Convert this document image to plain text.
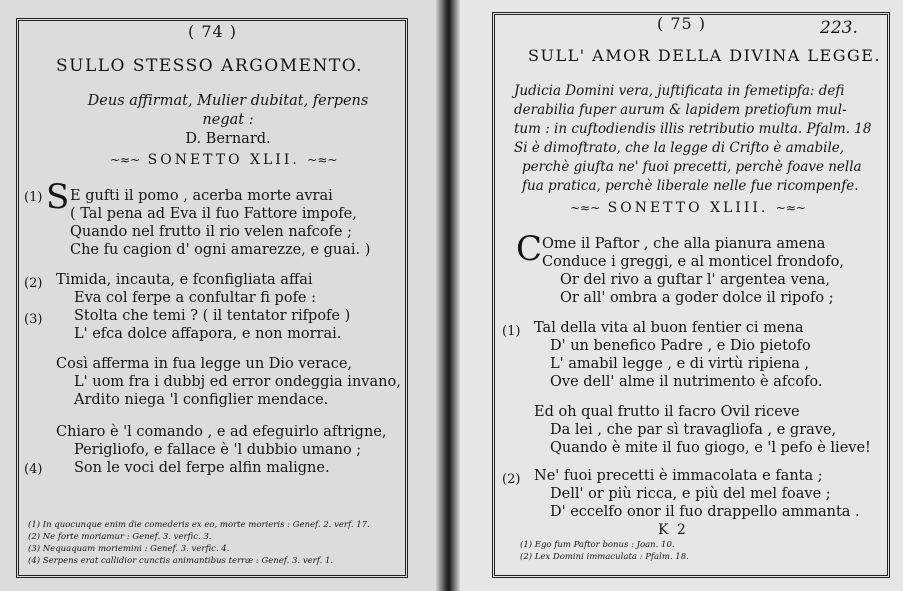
( 74 )
SULLO STESSO ARGOMENTO.
Deus affirmat, Mulier dubitat, ferpens negat :
D. Bernard.
~≈~ SONETTO XLII. ~≈~
(1) S E gufti il pomo , acerba morte avrai
( Tal pena ad Eva il fuo Fattore impofe,
Quando nel frutto il rio velen nafcofe ;
Che fu cagion d' ogni amarezze, e guai. )
(2) Timida, incauta, e fconfigliata affai
Eva col ferpe a confultar fi pofe :
(3) Stolta che temi ? ( il tentator rifpofe )
L' efca dolce affapora, e non morrai.
Così afferma in fua legge un Dio verace,
L' uom fra i dubbj ed error ondeggia invano,
Ardito niega 'l configlier mendace.
Chiaro è 'l comando , e ad efeguirlo aftrigne,
Perigliofo, e fallace è 'l dubbio umano ;
(4) Son le voci del ferpe alfin maligne.
(1) In quocunque enim die comederis ex eo, morte morieris : Genef. 2. verf. 17.
(2) Ne forte moriamur : Genef. 3. verfic. 3.
(3) Nequaquam moriemini : Genef. 3. verfic. 4.
(4) Serpens erat callidior cunctis animantibus terræ : Genef. 3. verf. 1.
( 75 )	223.
SULL' AMOR DELLA DIVINA LEGGE.
Judicia Domini vera, juftificata in femetipfa: defi
derabilia fuper aurum & lapidem pretiofum mul-
tum : in cuftodiendis illis retributio multa. Pfalm. 18
Si è dimoftrato, che la legge di Crifto è amabile,
perchè giufta ne' fuoi precetti, perchè foave nella
fua pratica, perchè liberale nelle fue ricompenfe.
~≈~ SONETTO XLIII. ~≈~
C Ome il Paftor , che alla pianura amena
Conduce i greggi, e al monticel frondofo,
Or del rivo a guftar l' argentea vena,
Or all' ombra a goder dolce il ripofo ;
(1) Tal della vita al buon fentier ci mena
D' un benefico Padre , e Dio pietofo
L' amabil legge , e di virtù ripiena ,
Ove dell' alme il nutrimento è afcofo.
Ed oh qual frutto il facro Ovil riceve
Da lei , che par sì travagliofa , e grave,
Quando è mite il fuo giogo, e 'l pefo è lieve!
(2) Ne' fuoi precetti è immacolata e fanta ;
Dell' or più ricca, e più del mel foave ;
D' eccelfo onor il fuo drappello ammanta .
K 2
(1) Ego fum Paftor bonus : Joan. 10.
(2) Lex Domini immaculata : Pfalm. 18.
